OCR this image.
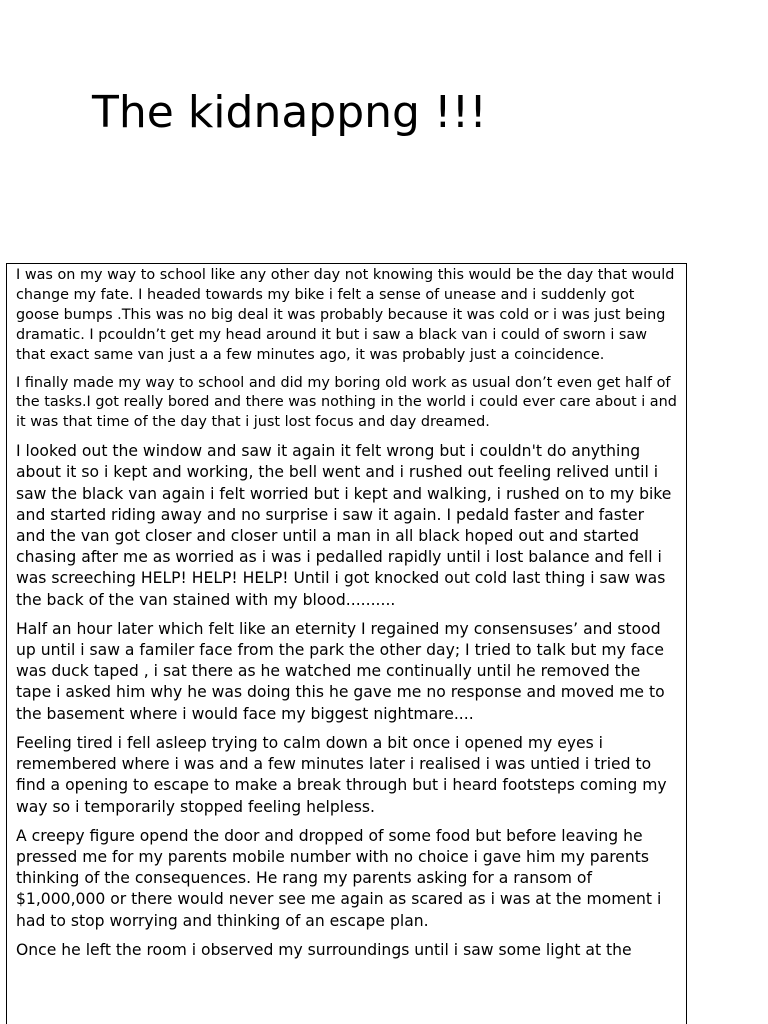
The kidnappng !!!

I was on my way to school like any other day not knowing this would be the day that would change my fate. I headed towards my bike i felt a sense of unease and i suddenly got goose bumps .This was no big deal it was probably because it was cold or i was just being dramatic. I pcouldn’t get my head around it but i saw a black van i could of sworn i saw that exact same van just a a few minutes ago, it was probably just a coincidence.

I finally made my way to school and did my boring old work as usual don’t even get half of the tasks.I got really bored and there was nothing in the world i could ever care about i and it was that time of the day that i just lost focus and day dreamed.

I looked out the window and saw it again it felt wrong but i couldn't do anything about it so i kept and working, the bell went and i rushed out feeling relived until i saw the black van again i felt worried but i kept and walking, i rushed on to my bike and started riding away and no surprise i saw it again. I pedald faster and faster and the van got closer and closer until a man in all black hoped out and started chasing after me as worried as i was i pedalled rapidly until i lost balance and fell i was screeching HELP! HELP! HELP! Until i got knocked out cold last thing i saw was the back of the van stained with my blood..........

Half an hour later which felt like an eternity I regained my consensuses’ and stood up until i saw a familer face from the park the other day; I tried to talk but my face was duck taped , i sat there as he watched me continually until he removed the tape i asked him why he was doing this he gave me no response and moved me to the basement where i would face my biggest nightmare....

Feeling tired i fell asleep trying to calm down a bit once i opened my eyes i remembered where i was and a few minutes later i realised i was untied i tried to find a opening to escape to make a break through but i heard footsteps coming my way so i temporarily stopped feeling helpless.

A creepy figure opend the door and dropped of some food but before leaving he pressed me for my parents mobile number with no choice i gave him my parents thinking of the consequences. He rang my parents asking for a ransom of $1,000,000 or there would never see me again as scared as i was at the moment i had to stop worrying and thinking of an escape plan.

Once he left the room i observed my surroundings until i saw some light at the
